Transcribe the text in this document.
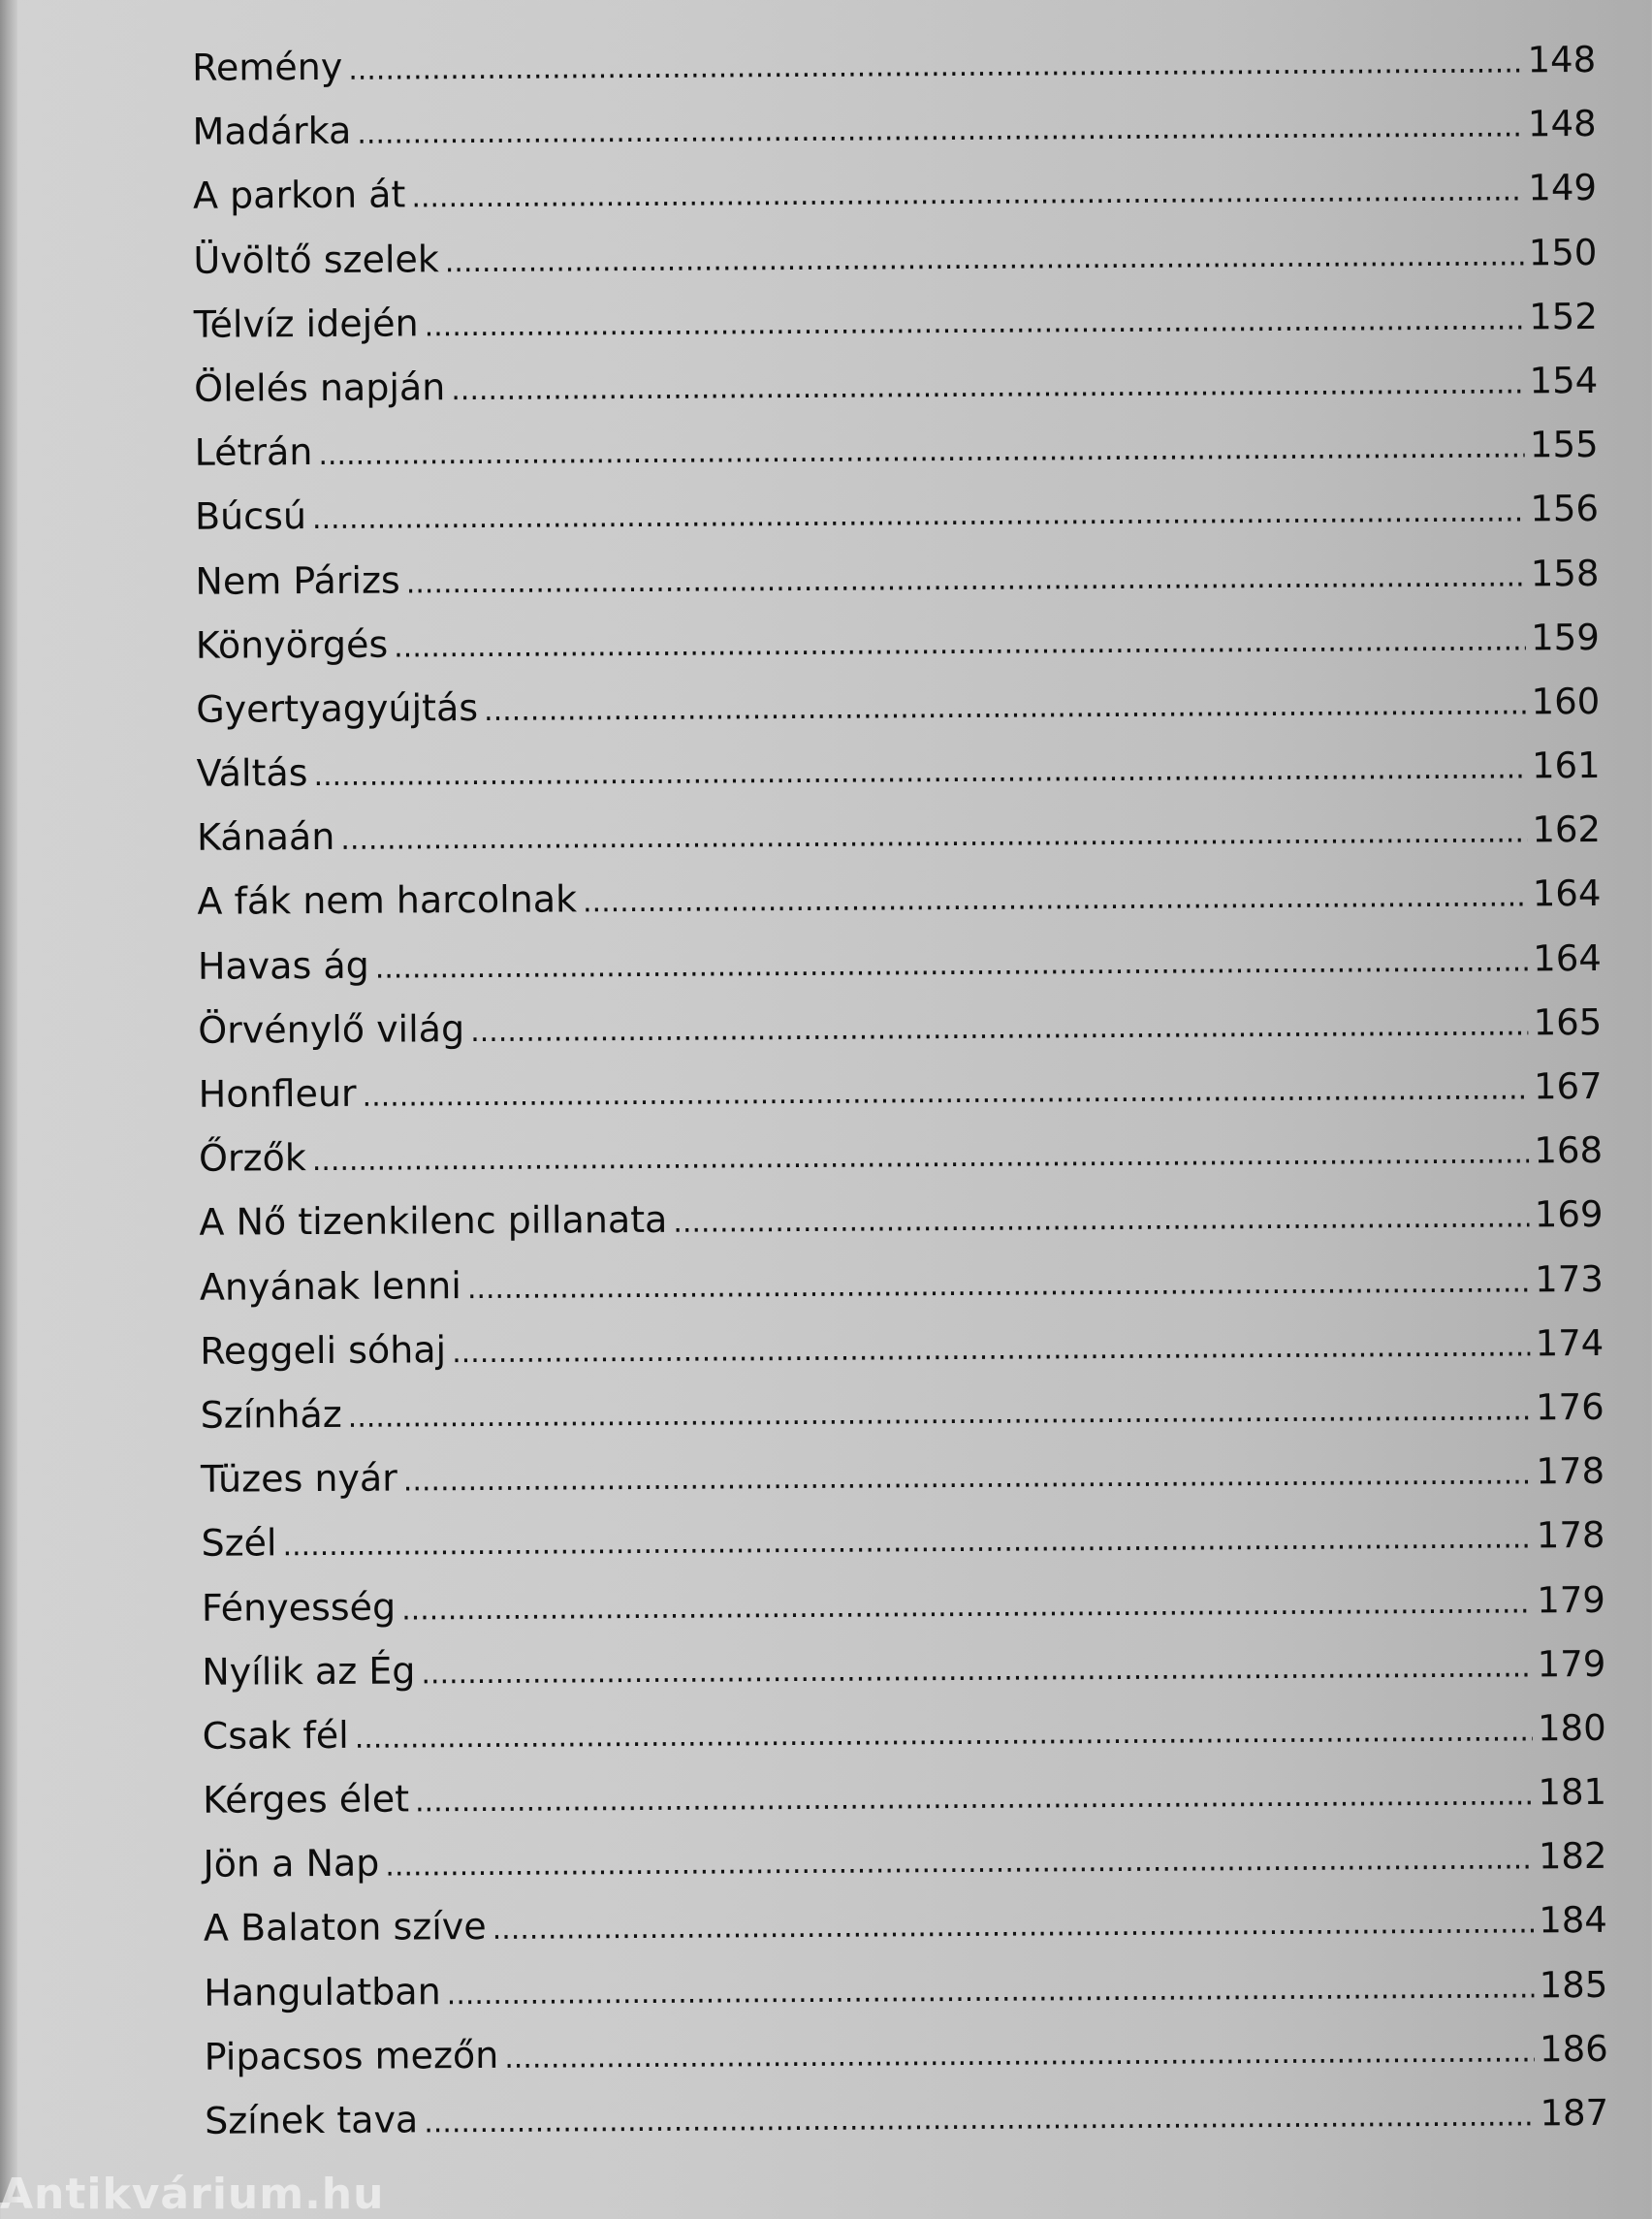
Remény .....	148
Madárka .....	148
A parkon át .....	149
Üvöltő szelek .....	150
Télvíz idején .....	152
Ölelés napján .....	154
Létrán .....	155
Búcsú .....	156
Nem Párizs .....	158
Könyörgés .....	159
Gyertyagyújtás .....	160
Váltás .....	161
Kánaán .....	162
A fák nem harcolnak .....	164
Havas ág .....	164
Örvénylő világ .....	165
Honfleur .....	167
Őrzők .....	168
A Nő tizenkilenc pillanata .....	169
Anyának lenni .....	173
Reggeli sóhaj .....	174
Színház .....	176
Tüzes nyár .....	178
Szél .....	178
Fényesség .....	179
Nyílik az Ég .....	179
Csak fél .....	180
Kérges élet .....	181
Jön a Nap .....	182
A Balaton szíve .....	184
Hangulatban .....	185
Pipacsos mezőn .....	186
Színek tava .....	187
Antikvárium.hu
